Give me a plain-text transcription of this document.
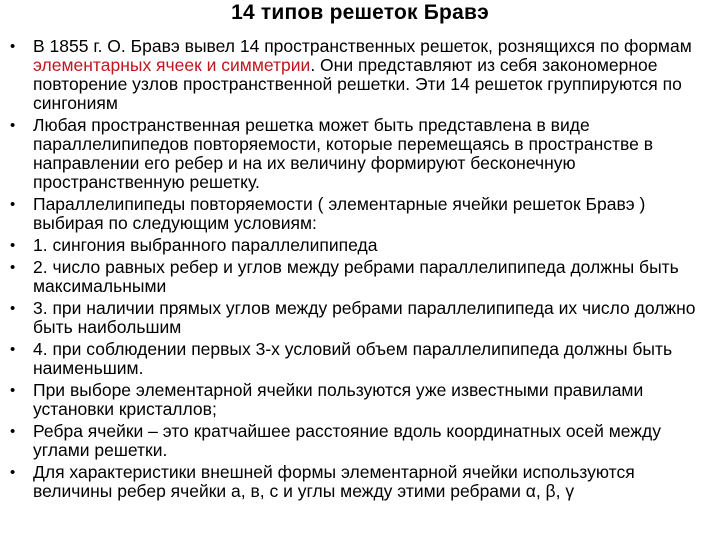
14 типов решеток Бравэ
•	В 1855 г. О. Бравэ вывел 14 пространственных решеток, рознящихся по формам элементарных ячеек и симметрии. Они представляют из себя закономерное повторение узлов пространственной решетки. Эти 14 решеток группируются по сингониям
•	Любая пространственная решетка может быть представлена в виде параллелипипедов повторяемости, которые перемещаясь в пространстве в направлении его ребер и на их величину формируют бесконечную пространственную решетку.
•	Параллелипипеды повторяемости ( элементарные ячейки решеток Бравэ ) выбирая по следующим условиям:
•	1. сингония выбранного параллелипипеда
•	2. число равных ребер и углов между ребрами параллелипипеда должны быть максимальными
•	3. при наличии прямых углов между ребрами параллелипипеда их число должно быть наибольшим
•	4. при соблюдении первых 3-х условий объем параллелипипеда должны быть наименьшим.
•	При выборе элементарной ячейки пользуются уже известными правилами установки кристаллов;
•	Ребра ячейки – это кратчайшее расстояние вдоль координатных осей между углами решетки.
•	Для характеристики внешней формы элементарной ячейки используются величины ребер ячейки a, в, с и углы между этими ребрами α, β, γ
